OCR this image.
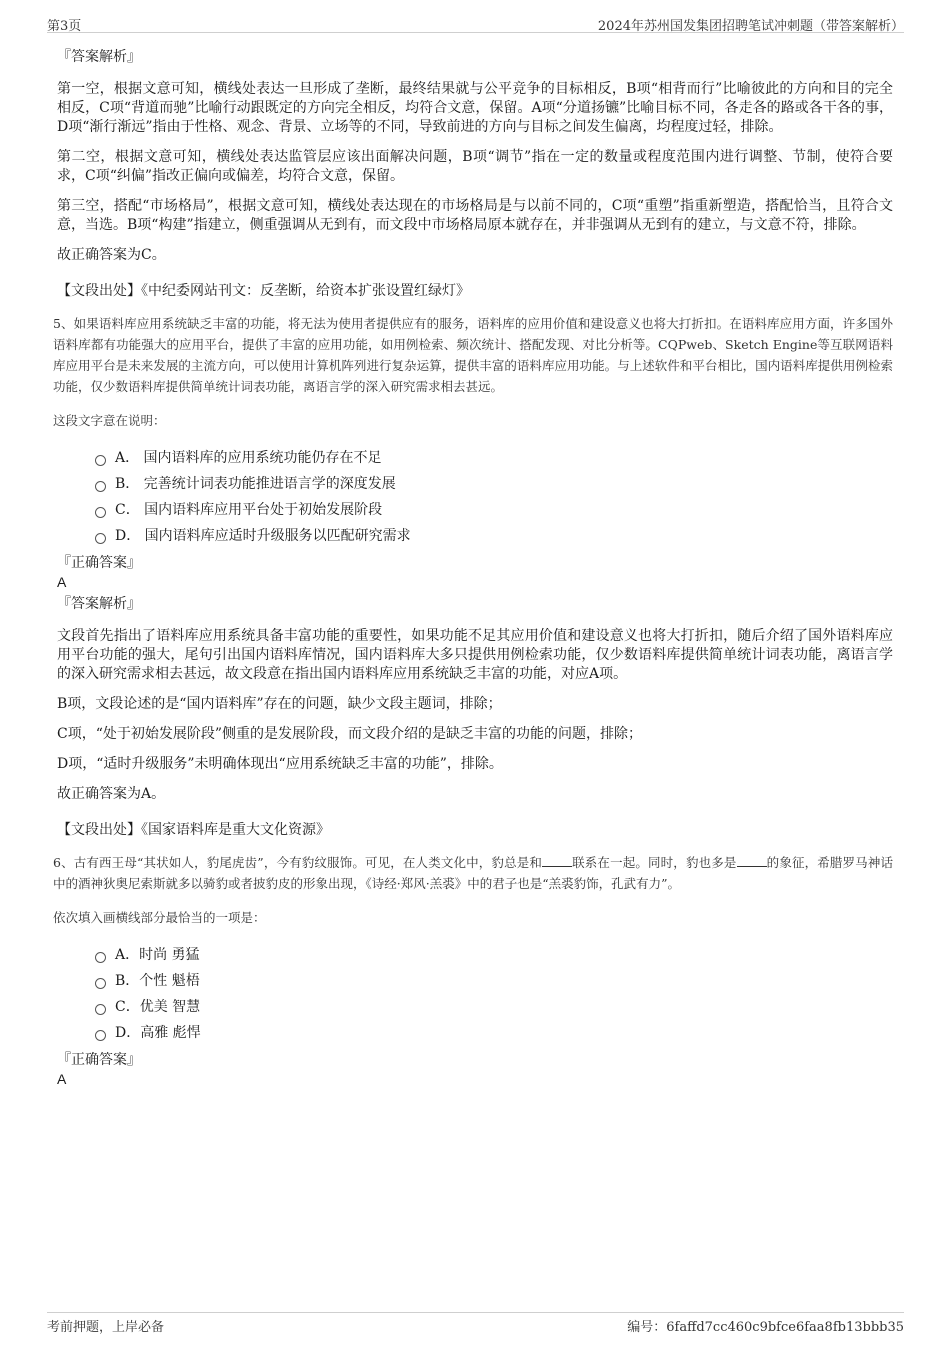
第3页	2024年苏州国发集团招聘笔试冲刺题（带答案解析）
『答案解析』

第一空，根据文意可知，横线处表达一旦形成了垄断，最终结果就与公平竞争的目标相反，B项“相背而行”比喻彼此的方向和目的完全相反，C项“背道而驰”比喻行动跟既定的方向完全相反，均符合文意，保留。A项“分道扬镳”比喻目标不同，各走各的路或各干各的事，D项“渐行渐远”指由于性格、观念、背景、立场等的不同，导致前进的方向与目标之间发生偏离，均程度过轻，排除。

第二空，根据文意可知，横线处表达监管层应该出面解决问题，B项“调节”指在一定的数量或程度范围内进行调整、节制，使符合要求，C项“纠偏”指改正偏向或偏差，均符合文意，保留。

第三空，搭配“市场格局”，根据文意可知，横线处表达现在的市场格局是与以前不同的，C项“重塑”指重新塑造，搭配恰当，且符合文意，当选。B项“构建”指建立，侧重强调从无到有，而文段中市场格局原本就存在，并非强调从无到有的建立，与文意不符，排除。

故正确答案为C。

【文段出处】《中纪委网站刊文：反垄断，给资本扩张设置红绿灯》
5、如果语料库应用系统缺乏丰富的功能，将无法为使用者提供应有的服务，语料库的应用价值和建设意义也将大打折扣。在语料库应用方面，许多国外语料库都有功能强大的应用平台，提供了丰富的应用功能，如用例检索、频次统计、搭配发现、对比分析等。CQPweb、Sketch Engine等互联网语料库应用平台是未来发展的主流方向，可以使用计算机阵列进行复杂运算，提供丰富的语料库应用功能。与上述软件和平台相比，国内语料库提供用例检索功能，仅少数语料库提供简单统计词表功能，离语言学的深入研究需求相去甚远。
这段文字意在说明：
A． 国内语料库的应用系统功能仍存在不足
B． 完善统计词表功能推进语言学的深度发展
C． 国内语料库应用平台处于初始发展阶段
D． 国内语料库应适时升级服务以匹配研究需求
『正确答案』
A
『答案解析』

文段首先指出了语料库应用系统具备丰富功能的重要性，如果功能不足其应用价值和建设意义也将大打折扣，随后介绍了国外语料库应用平台功能的强大，尾句引出国内语料库情况，国内语料库大多只提供用例检索功能，仅少数语料库提供简单统计词表功能，离语言学的深入研究需求相去甚远，故文段意在指出国内语料库应用系统缺乏丰富的功能，对应A项。

B项，文段论述的是“国内语料库”存在的问题，缺少文段主题词，排除；

C项，“处于初始发展阶段”侧重的是发展阶段，而文段介绍的是缺乏丰富的功能的问题，排除；

D项，“适时升级服务”未明确体现出“应用系统缺乏丰富的功能”，排除。

故正确答案为A。

【文段出处】《国家语料库是重大文化资源》
6、古有西王母“其状如人，豹尾虎齿”，今有豹纹服饰。可见，在人类文化中，豹总是和 联系在一起。同时，豹也多是 的象征，希腊罗马神话中的酒神狄奥尼索斯就多以骑豹或者披豹皮的形象出现，《诗经·郑风·羔裘》中的君子也是“羔裘豹饰，孔武有力”。
依次填入画横线部分最恰当的一项是：
A．时尚 勇猛
B．个性 魁梧
C．优美 智慧
D．高雅 彪悍
『正确答案』
A
考前押题，上岸必备	编号：6faffd7cc460c9bfce6faa8fb13bbb35
